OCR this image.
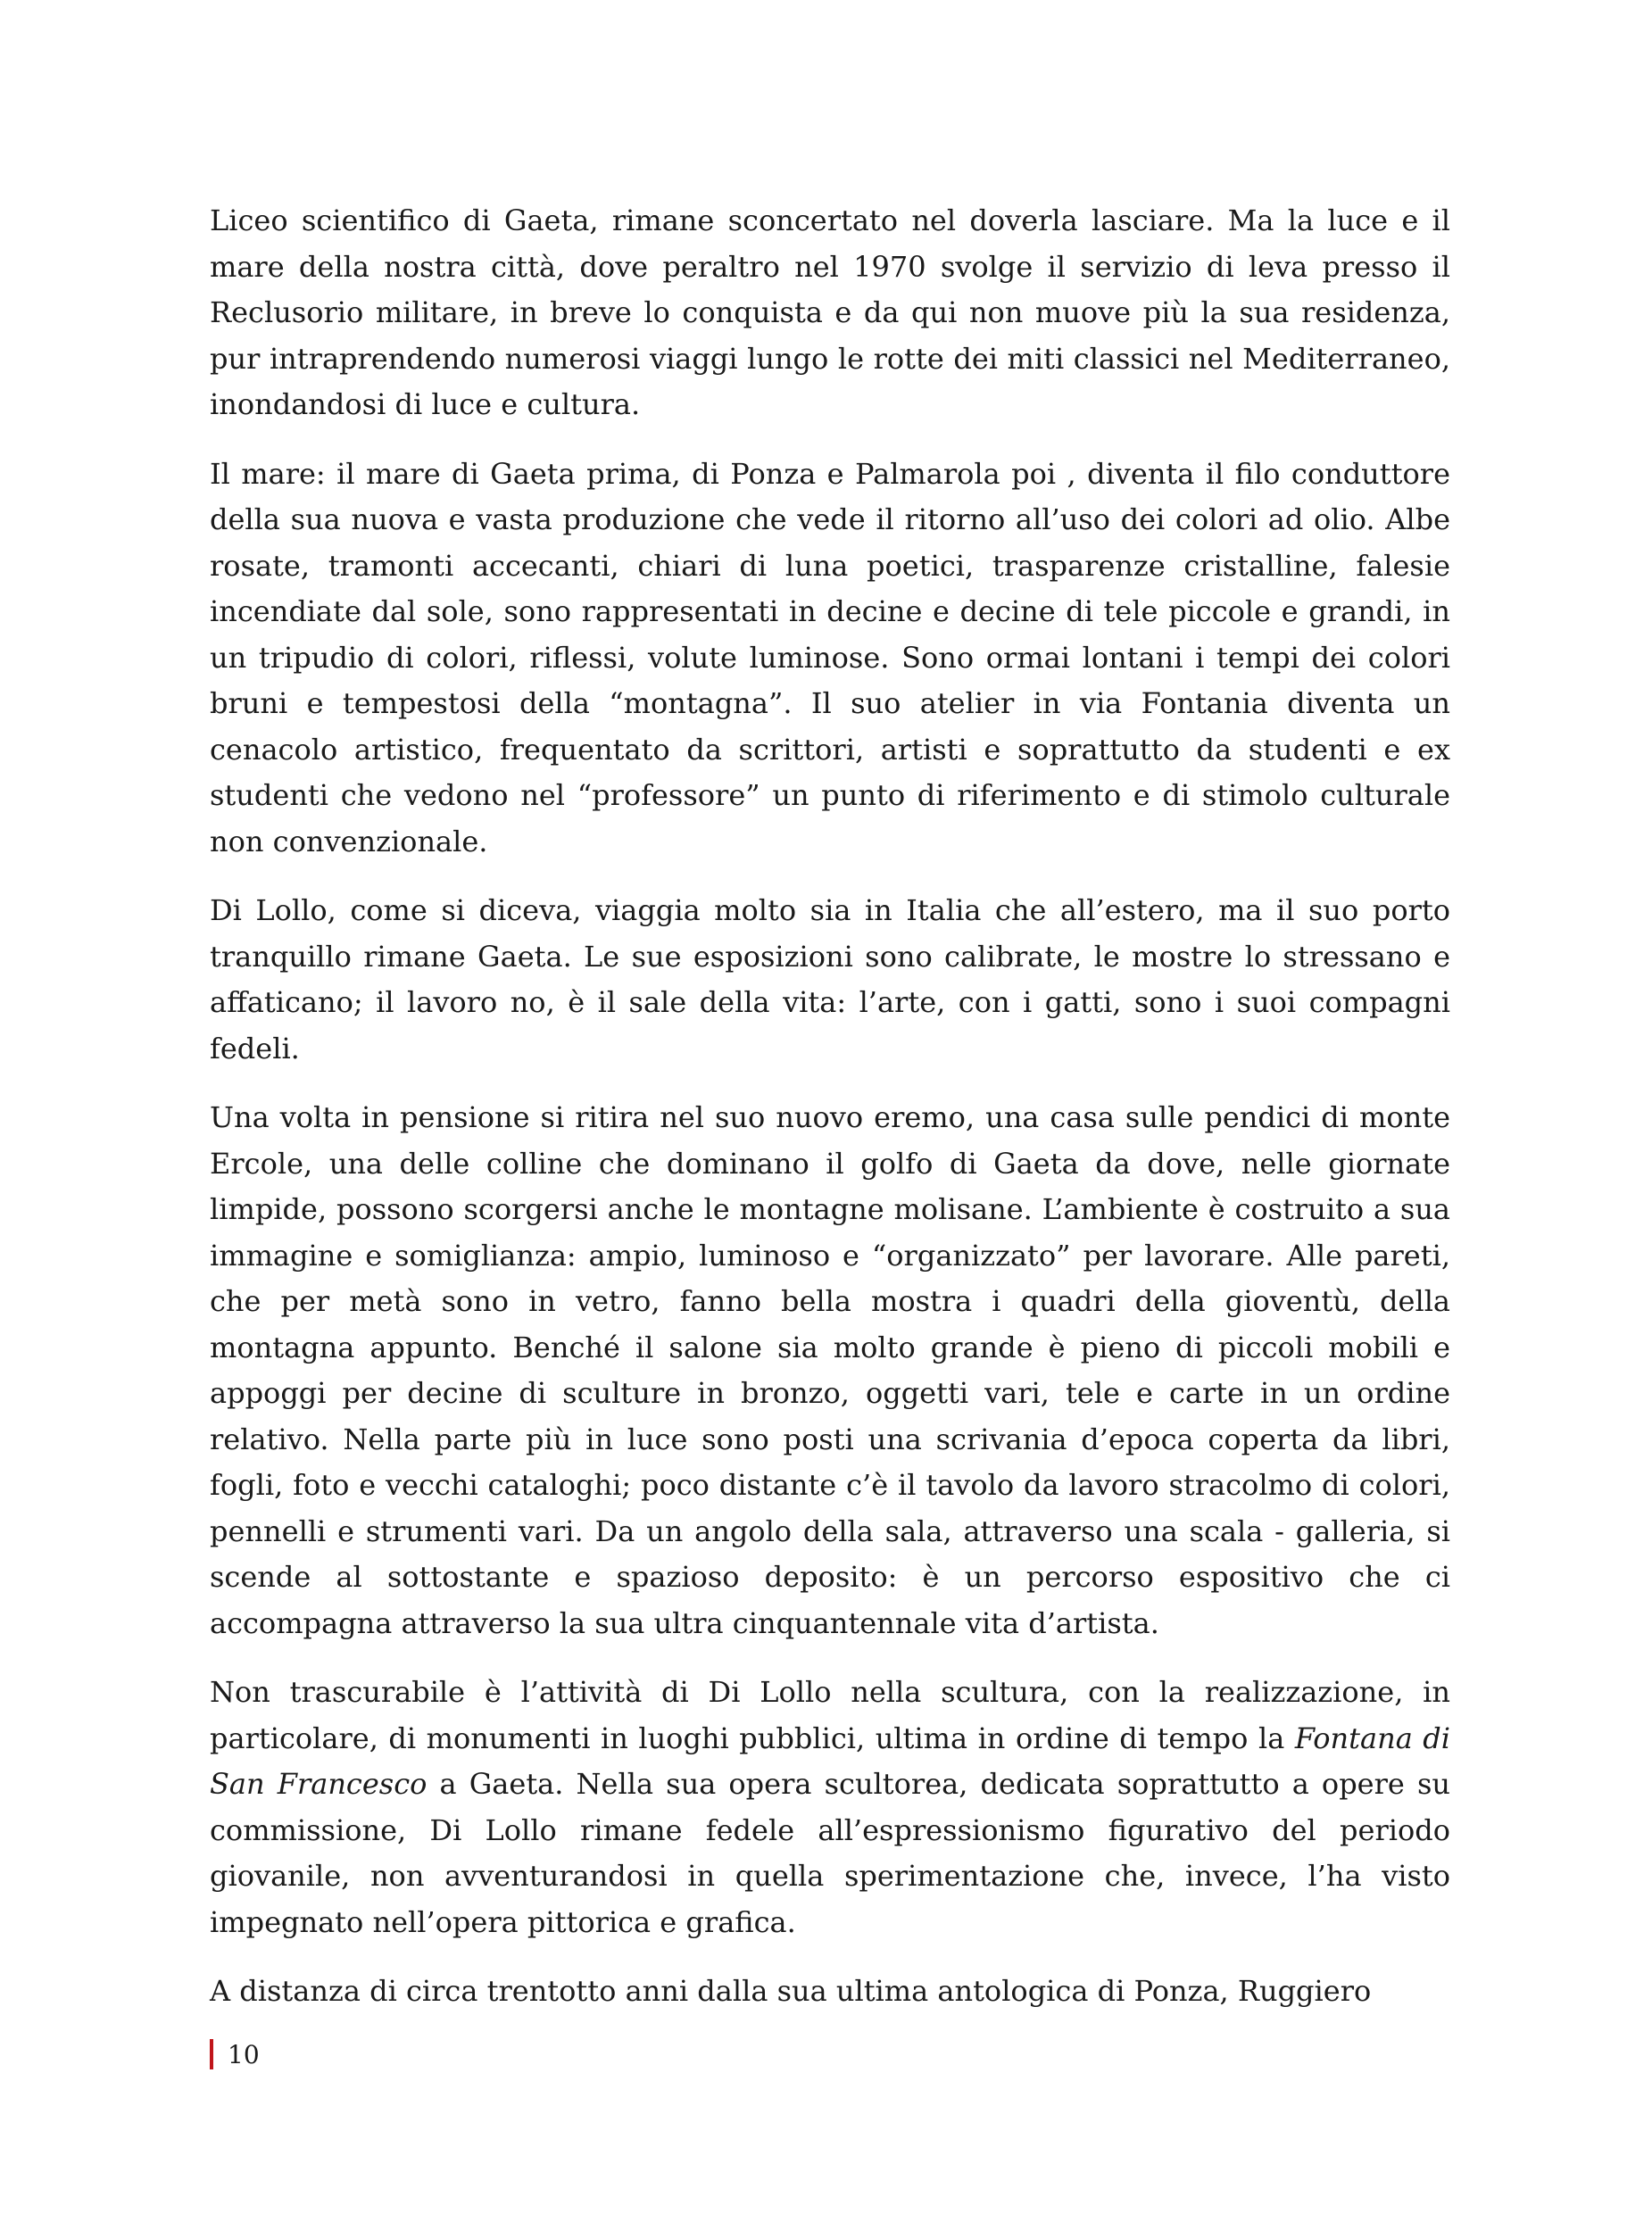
Liceo scientifico di Gaeta, rimane sconcertato nel doverla lasciare. Ma la luce e il mare della nostra città, dove peraltro nel 1970 svolge il servizio di leva presso il Reclusorio militare, in breve lo conquista e da qui non muove più la sua residenza, pur intraprendendo numerosi viaggi lungo le rotte dei miti classici nel Mediterraneo, inondandosi di luce e cultura.

Il mare: il mare di Gaeta prima, di Ponza e Palmarola poi , diventa il filo conduttore della sua nuova e vasta produzione che vede il ritorno all’uso dei colori ad olio. Albe rosate, tramonti accecanti, chiari di luna poetici, trasparenze cristalline, falesie incendiate dal sole, sono rappresentati in decine e decine di tele piccole e grandi, in un tripudio di colori, riflessi, volute luminose. Sono ormai lontani i tempi dei colori bruni e tempestosi della “montagna”. Il suo atelier in via Fontania diventa un cenacolo artistico, frequentato da scrittori, artisti e soprattutto da studenti e ex studenti che vedono nel “professore” un punto di riferimento e di stimolo culturale non convenzionale.

Di Lollo, come si diceva, viaggia molto sia in Italia che all’estero, ma il suo porto tranquillo rimane Gaeta. Le sue esposizioni sono calibrate, le mostre lo stressano e affaticano; il lavoro no, è il sale della vita: l’arte, con i gatti, sono i suoi compagni fedeli.

Una volta in pensione si ritira nel suo nuovo eremo, una casa sulle pendici di monte Ercole, una delle colline che dominano il golfo di Gaeta da dove, nelle giornate limpide, possono scorgersi anche le montagne molisane. L’ambiente è costruito a sua immagine e somiglianza: ampio, luminoso e “organizzato” per lavorare. Alle pareti, che per metà sono in vetro, fanno bella mostra i quadri della gioventù, della montagna appunto. Benché il salone sia molto grande è pieno di piccoli mobili e appoggi per decine di sculture in bronzo, oggetti vari, tele e carte in un ordine relativo. Nella parte più in luce sono posti una scrivania d’epoca coperta da libri, fogli, foto e vecchi cataloghi; poco distante c’è il tavolo da lavoro stracolmo di colori, pennelli e strumenti vari. Da un angolo della sala, attraverso una scala - galleria, si scende al sottostante e spazioso deposito: è un percorso espositivo che ci accompagna attraverso la sua ultra cinquantennale vita d’artista.

Non trascurabile è l’attività di Di Lollo nella scultura, con la realizzazione, in particolare, di monumenti in luoghi pubblici, ultima in ordine di tempo la Fontana di San Francesco a Gaeta. Nella sua opera scultorea, dedicata soprattutto a opere su commissione, Di Lollo rimane fedele all’espressionismo figurativo del periodo giovanile, non avventurandosi in quella sperimentazione che, invece, l’ha visto impegnato nell’opera pittorica e grafica.

A distanza di circa trentotto anni dalla sua ultima antologica di Ponza, Ruggiero

10
